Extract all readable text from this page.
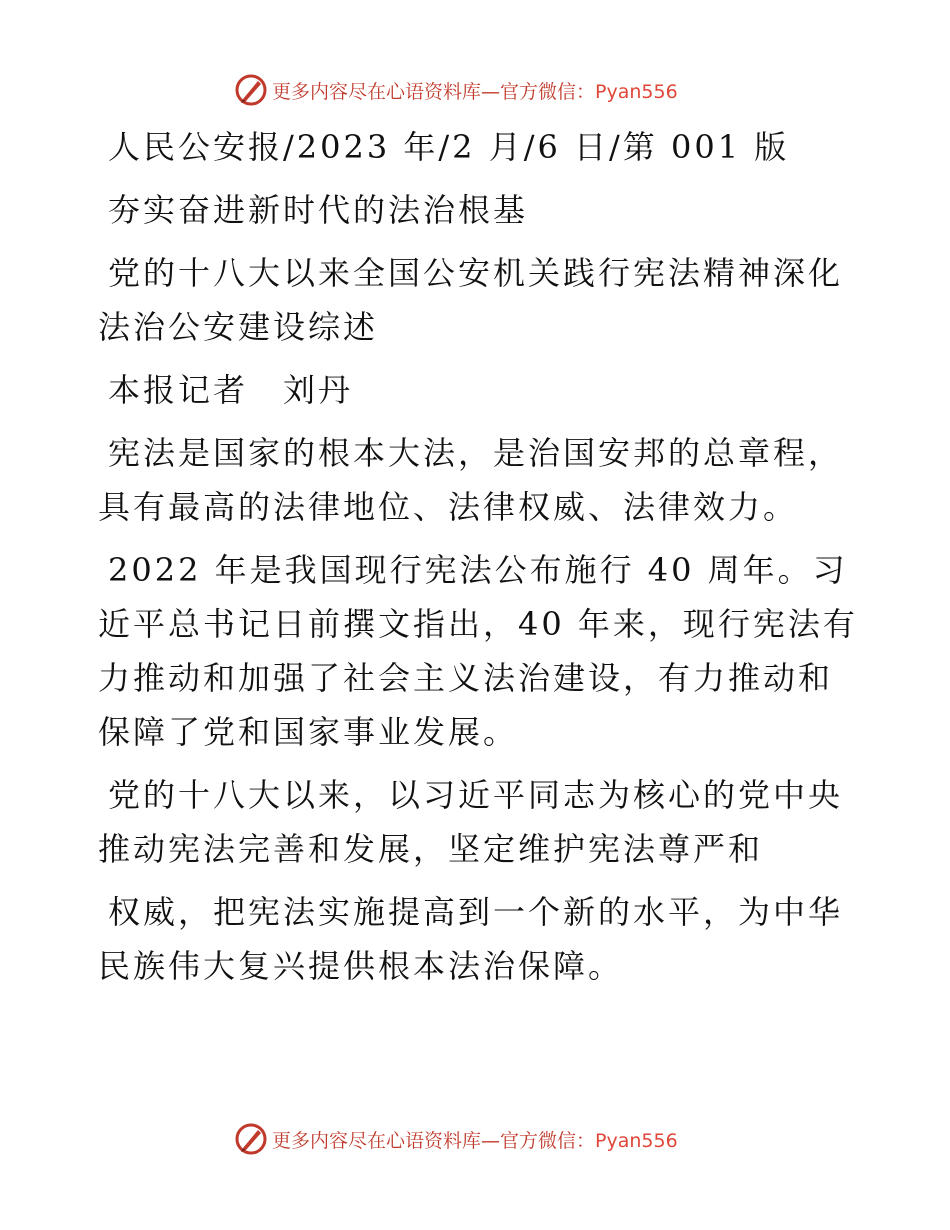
更多内容尽在心语资料库—官方微信：Pyan556

人民公安报/2023 年/2 月/6 日/第 001 版

夯实奋进新时代的法治根基

党的十八大以来全国公安机关践行宪法精神深化法治公安建设综述

本报记者　刘丹

宪法是国家的根本大法，是治国安邦的总章程，具有最高的法律地位、法律权威、法律效力。

2022 年是我国现行宪法公布施行 40 周年。习近平总书记日前撰文指出，40 年来，现行宪法有力推动和加强了社会主义法治建设，有力推动和保障了党和国家事业发展。

党的十八大以来，以习近平同志为核心的党中央推动宪法完善和发展，坚定维护宪法尊严和

权威，把宪法实施提高到一个新的水平，为中华民族伟大复兴提供根本法治保障。

更多内容尽在心语资料库—官方微信：Pyan556
